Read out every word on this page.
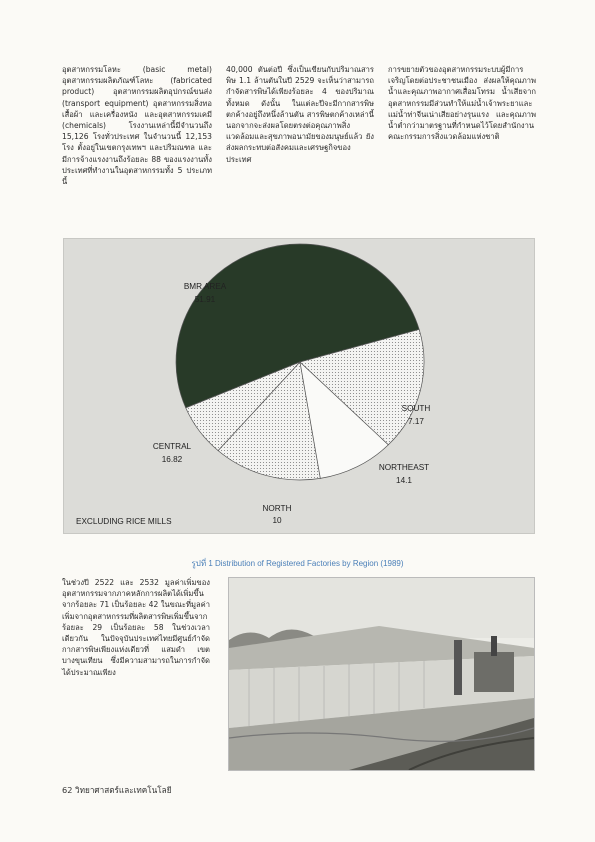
อุตสาหกรรมโลหะ (basic metal) อุตสาหกรรมผลิตภัณฑ์โลหะ (fabricated product) อุตสาหกรรมผลิตอุปกรณ์ขนส่ง (transport equipment) อุตสาหกรรมสิ่งทอ เสื้อผ้า และเครื่องหนัง และอุตสาหกรรมเคมี (chemicals) โรงงานเหล่านี้มีจำนวนถึง 15,126 โรงทั่วประเทศ ในจำนวนนี้ 12,153 โรง ตั้งอยู่ในเขตกรุงเทพฯ และปริมณฑล และมีการจ้างแรงงานถึงร้อยละ 88 ของแรงงานทั้งประเทศที่ทำงานในอุตสาหกรรมทั้ง 5 ประเภทนี้
40,000 ตันต่อปี ซึ่งเป็นเขียนกับปริมาณสารพิษ 1.1 ล้านตันในปี 2529 จะเห็นว่าสามารถกำจัดสารพิษได้เพียงร้อยละ 4 ของปริมาณทั้งหมด ดังนั้น ในแต่ละปีจะมีกากสารพิษตกค้างอยู่ถึงหนึ่งล้านตัน สารพิษตกค้างเหล่านี้ นอกจากจะส่งผลโดยตรงต่อคุณภาพสิ่งแวดล้อมและสุขภาพอนามัยของมนุษย์แล้ว ยังส่งผลกระทบต่อสังคมและเศรษฐกิจของประเทศ
การขยายตัวของอุตสาหกรรมระบบผู้มีการเจริญโดยต่อประชาชนเมือง ส่งผลให้คุณภาพน้ำและคุณภาพอากาศเสื่อมโทรม น้ำเสียจากอุตสาหกรรมมีส่วนทำให้แม่น้ำเจ้าพระยาและแม่น้ำท่าจีนเน่าเสียอย่างรุนแรง และคุณภาพน้ำต่ำกว่ามาตรฐานที่กำหนดไว้โดยสำนักงานคณะกรรมการสิ่งแวดล้อมแห่งชาติ
BMR AREA
51.91
SOUTH
7.17
NORTHEAST
14.1
NORTH
10
CENTRAL
16.82
EXCLUDING RICE MILLS
รูปที่ 1 Distribution of Registered Factories by Region (1989)
ในช่วงปี 2522 และ 2532 มูลค่าเพิ่มของอุตสาหกรรมจากภาคหลักการผลิตได้เพิ่มขึ้นจากร้อยละ 71 เป็นร้อยละ 42 ในขณะที่มูลค่าเพิ่มจากอุตสาหกรรมที่ผลิตสารพิษเพิ่มขึ้นจากร้อยละ 29 เป็นร้อยละ 58 ในช่วงเวลาเดียวกัน ในปัจจุบันประเทศไทยมีศูนย์กำจัดกากสารพิษเพียงแห่งเดียวที่ แสมดำ เขตบางขุนเทียน ซึ่งมีความสามารถในการกำจัดได้ประมาณเพียง
62 วิทยาศาสตร์และเทคโนโลยี
